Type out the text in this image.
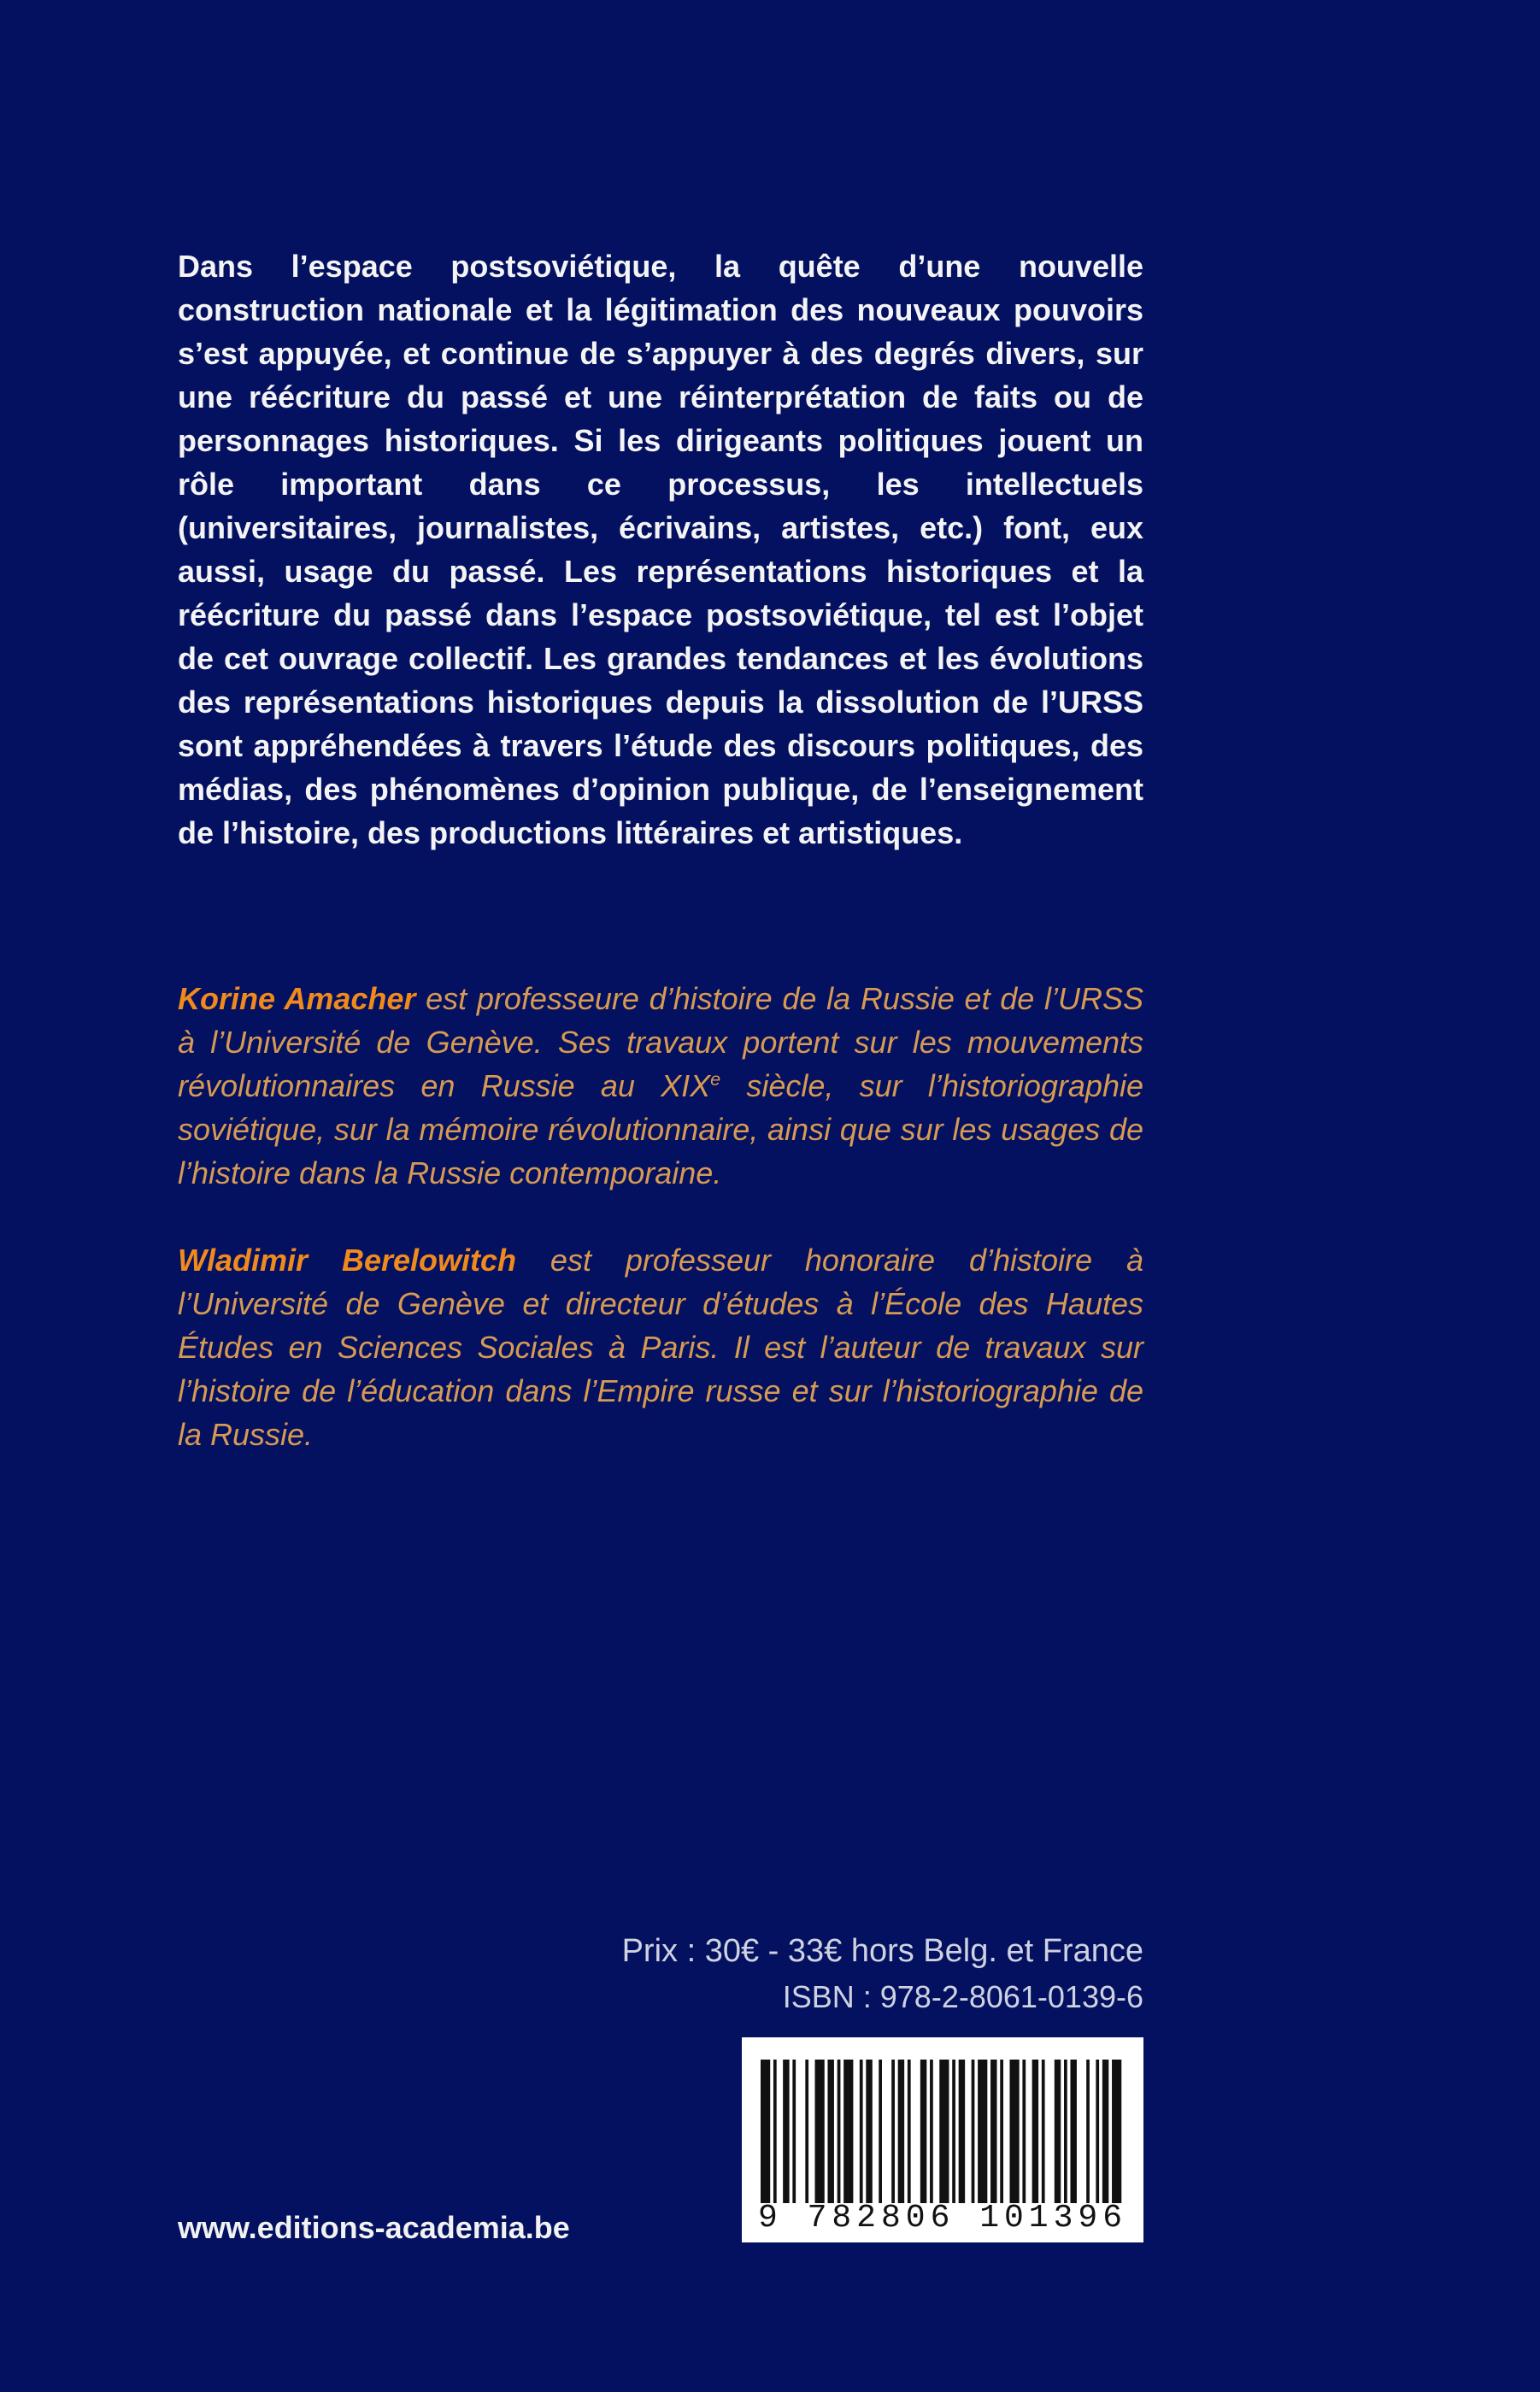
Dans l’espace postsoviétique, la quête d’une nouvelle construction nationale et la légitimation des nouveaux pouvoirs s’est appuyée, et continue de s’appuyer à des degrés divers, sur une réécriture du passé et une réinterprétation de faits ou de personnages historiques. Si les dirigeants politiques jouent un rôle important dans ce processus, les intellectuels (universitaires, journalistes, écrivains, artistes, etc.) font, eux aussi, usage du passé. Les représentations historiques et la réécriture du passé dans l’espace postsoviétique, tel est l’objet de cet ouvrage collectif. Les grandes tendances et les évolutions des représentations historiques depuis la dissolution de l’URSS sont appréhendées à travers l’étude des discours politiques, des médias, des phénomènes d’opinion publique, de l’enseignement de l’histoire, des productions littéraires et artistiques.

Korine Amacher est professeure d’histoire de la Russie et de l’URSS à l’Université de Genève. Ses travaux portent sur les mouvements révolutionnaires en Russie au XIXe siècle, sur l’historiographie soviétique, sur la mémoire révolutionnaire, ainsi que sur les usages de l’histoire dans la Russie contemporaine.

Wladimir Berelowitch est professeur honoraire d’histoire à l’Université de Genève et directeur d’études à l’École des Hautes Études en Sciences Sociales à Paris. Il est l’auteur de travaux sur l’histoire de l’éducation dans l’Empire russe et sur l’historiographie de la Russie.

Prix : 30€ - 33€ hors Belg. et France

ISBN : 978-2-8061-0139-6

9 782806 101396

www.editions-academia.be
